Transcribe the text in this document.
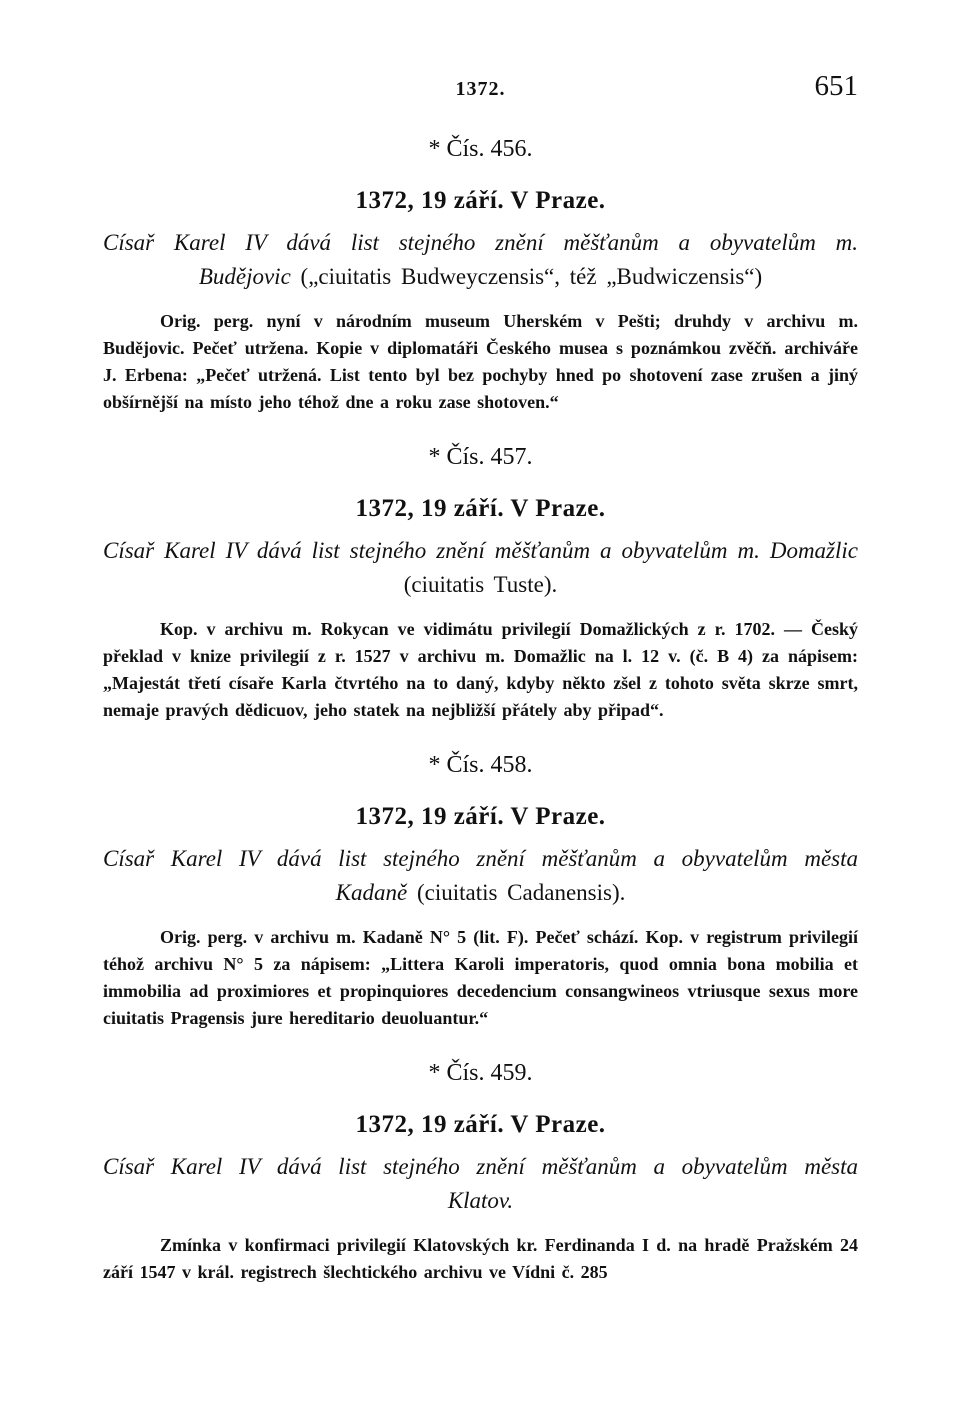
1372.	651
* Čís. 456.
1372, 19 září. V Praze.
Císař Karel IV dává list stejného znění měšťanům a obyvatelům m. Budějovic („ciuitatis Budweyczensis“, též „Budwiczensis“)
Orig. perg. nyní v národním museum Uherském v Pešti; druhdy v archivu m. Budějovic. Pečeť utržena. Kopie v diplomatáři Českého musea s poznámkou zvěčň. archiváře J. Erbena: „Pečeť utržená. List tento byl bez pochyby hned po shotovení zase zrušen a jiný obšírnější na místo jeho téhož dne a roku zase shotoven.“
* Čís. 457.
1372, 19 září. V Praze.
Císař Karel IV dává list stejného znění měšťanům a obyvatelům m. Domažlic (ciuitatis Tuste).
Kop. v archivu m. Rokycan ve vidimátu privilegií Domažlických z r. 1702. — Český překlad v knize privilegií z r. 1527 v archivu m. Domažlic na l. 12 v. (č. B 4) za nápisem: „Majestát třetí císaře Karla čtvrtého na to daný, kdyby někto zšel z tohoto světa skrze smrt, nemaje pravých dědicuov, jeho statek na nejbližší přátely aby připad“.
* Čís. 458.
1372, 19 září. V Praze.
Císař Karel IV dává list stejného znění měšťanům a obyvatelům města Kadaně (ciuitatis Cadanensis).
Orig. perg. v archivu m. Kadaně N° 5 (lit. F). Pečeť schází. Kop. v registrum privilegií téhož archivu N° 5 za nápisem: „Littera Karoli imperatoris, quod omnia bona mobilia et immobilia ad proximiores et propinquiores decedencium consangwineos vtriusque sexus more ciuitatis Pragensis jure hereditario deuoluantur.“
* Čís. 459.
1372, 19 září. V Praze.
Císař Karel IV dává list stejného znění měšťanům a obyvatelům města Klatov.
Zmínka v konfirmaci privilegií Klatovských kr. Ferdinanda I d. na hradě Pražském 24 září 1547 v král. registrech šlechtického archivu ve Vídni č. 285
